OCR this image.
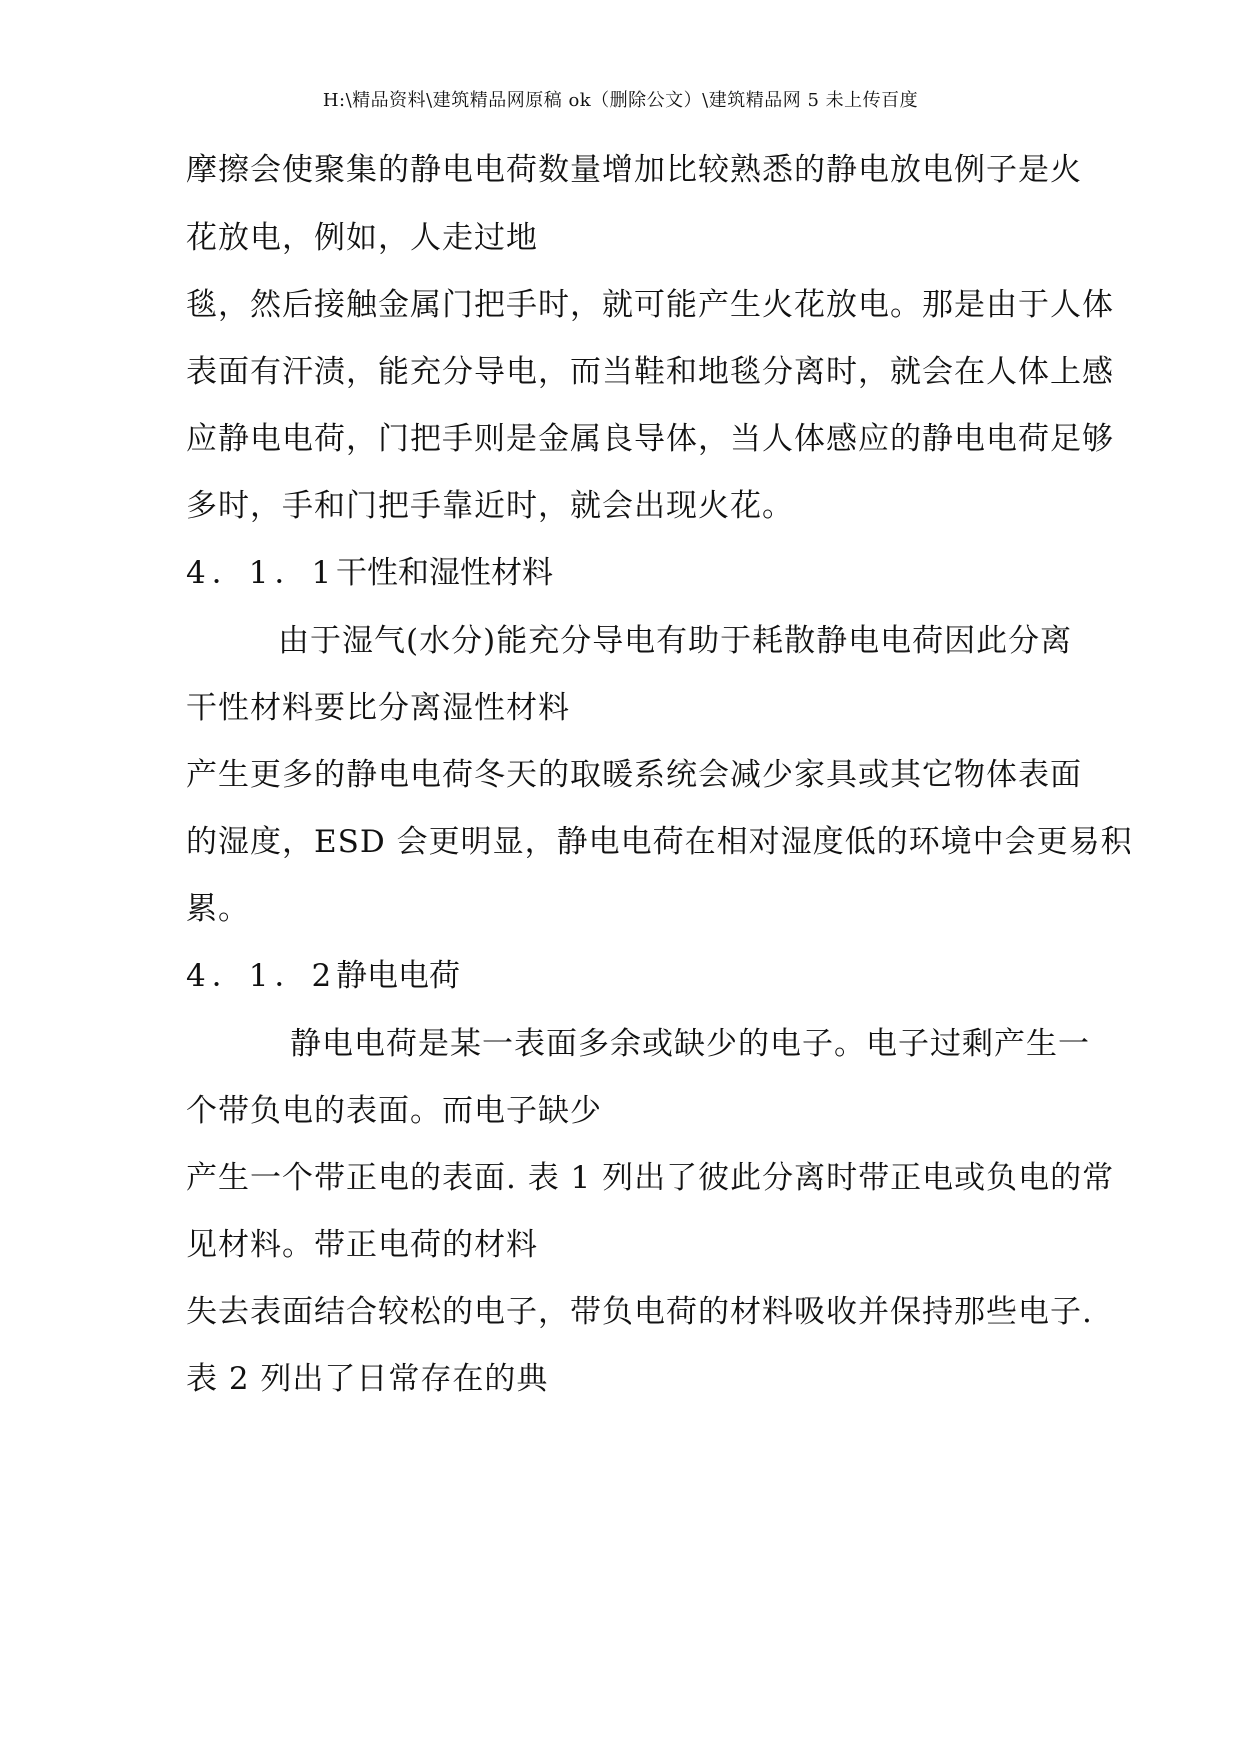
H:\精品资料\建筑精品网原稿 ok（删除公文）\建筑精品网 5 未上传百度
摩擦会使聚集的静电电荷数量增加比较熟悉的静电放电例子是火
花放电，例如，人走过地
毯，然后接触金属门把手时，就可能产生火花放电。那是由于人体
表面有汗渍，能充分导电，而当鞋和地毯分离时，就会在人体上感
应静电电荷，门把手则是金属良导体，当人体感应的静电电荷足够
多时，手和门把手靠近时，就会出现火花。
4．1．1干性和湿性材料
由于湿气(水分)能充分导电有助于耗散静电电荷因此分离
干性材料要比分离湿性材料
产生更多的静电电荷冬天的取暖系统会减少家具或其它物体表面
的湿度，ESD 会更明显，静电电荷在相对湿度低的环境中会更易积
累。
4．1．2静电电荷
静电电荷是某一表面多余或缺少的电子。电子过剩产生一
个带负电的表面。而电子缺少
产生一个带正电的表面. 表 1 列出了彼此分离时带正电或负电的常
见材料。带正电荷的材料
失去表面结合较松的电子，带负电荷的材料吸收并保持那些电子.
表 2 列出了日常存在的典
